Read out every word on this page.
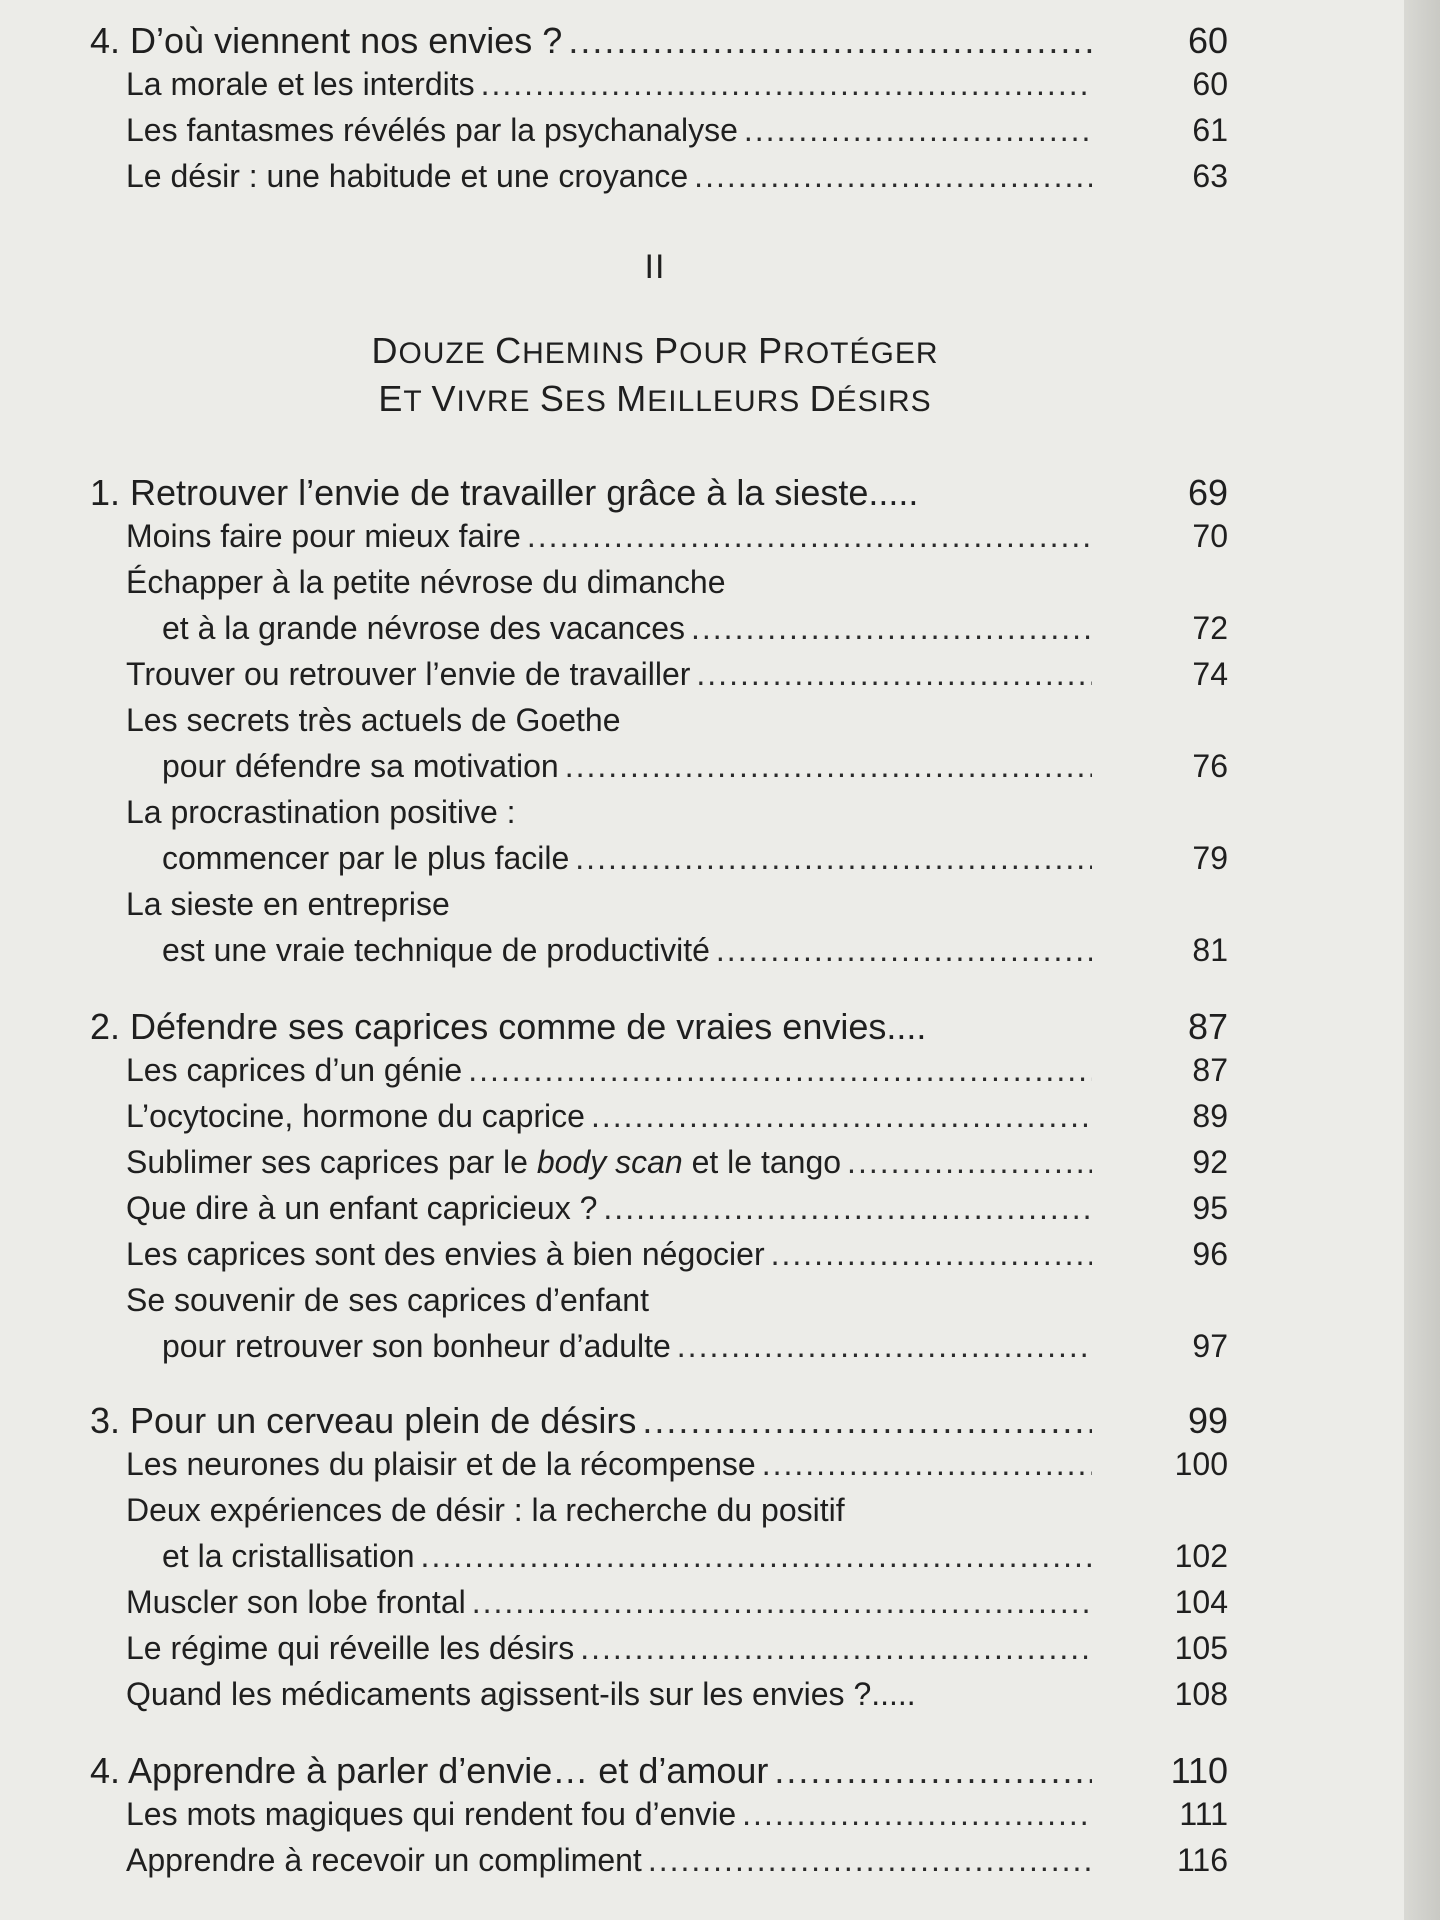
4. D’où viennent nos envies ? .....	60
La morale et les interdits .....	60
Les fantasmes révélés par la psychanalyse .....	61
Le désir : une habitude et une croyance .....	63
1. Retrouver l’envie de travailler grâce à la sieste.....	69
Moins faire pour mieux faire .....	70
Échapper à la petite névrose du dimanche
et à la grande névrose des vacances .....	72
Trouver ou retrouver l’envie de travailler .....	74
Les secrets très actuels de Goethe
pour défendre sa motivation .....	76
La procrastination positive :
commencer par le plus facile .....	79
La sieste en entreprise
est une vraie technique de productivité .....	81
2. Défendre ses caprices comme de vraies envies....	87
Les caprices d’un génie .....	87
L’ocytocine, hormone du caprice .....	89
Sublimer ses caprices par le body scan et le tango .....	92
Que dire à un enfant capricieux ? .....	95
Les caprices sont des envies à bien négocier .....	96
Se souvenir de ses caprices d’enfant
pour retrouver son bonheur d’adulte .....	97
3. Pour un cerveau plein de désirs .....	99
Les neurones du plaisir et de la récompense .....	100
Deux expériences de désir : la recherche du positif
et la cristallisation .....	102
Muscler son lobe frontal .....	104
Le régime qui réveille les désirs .....	105
Quand les médicaments agissent-ils sur les envies ?.....	108
4. Apprendre à parler d’envie… et d’amour .....	110
Les mots magiques qui rendent fou d’envie .....	111
Apprendre à recevoir un compliment .....	116
II
DOUZE CHEMINS POUR PROTÉGER
ET VIVRE SES MEILLEURS DÉSIRS
